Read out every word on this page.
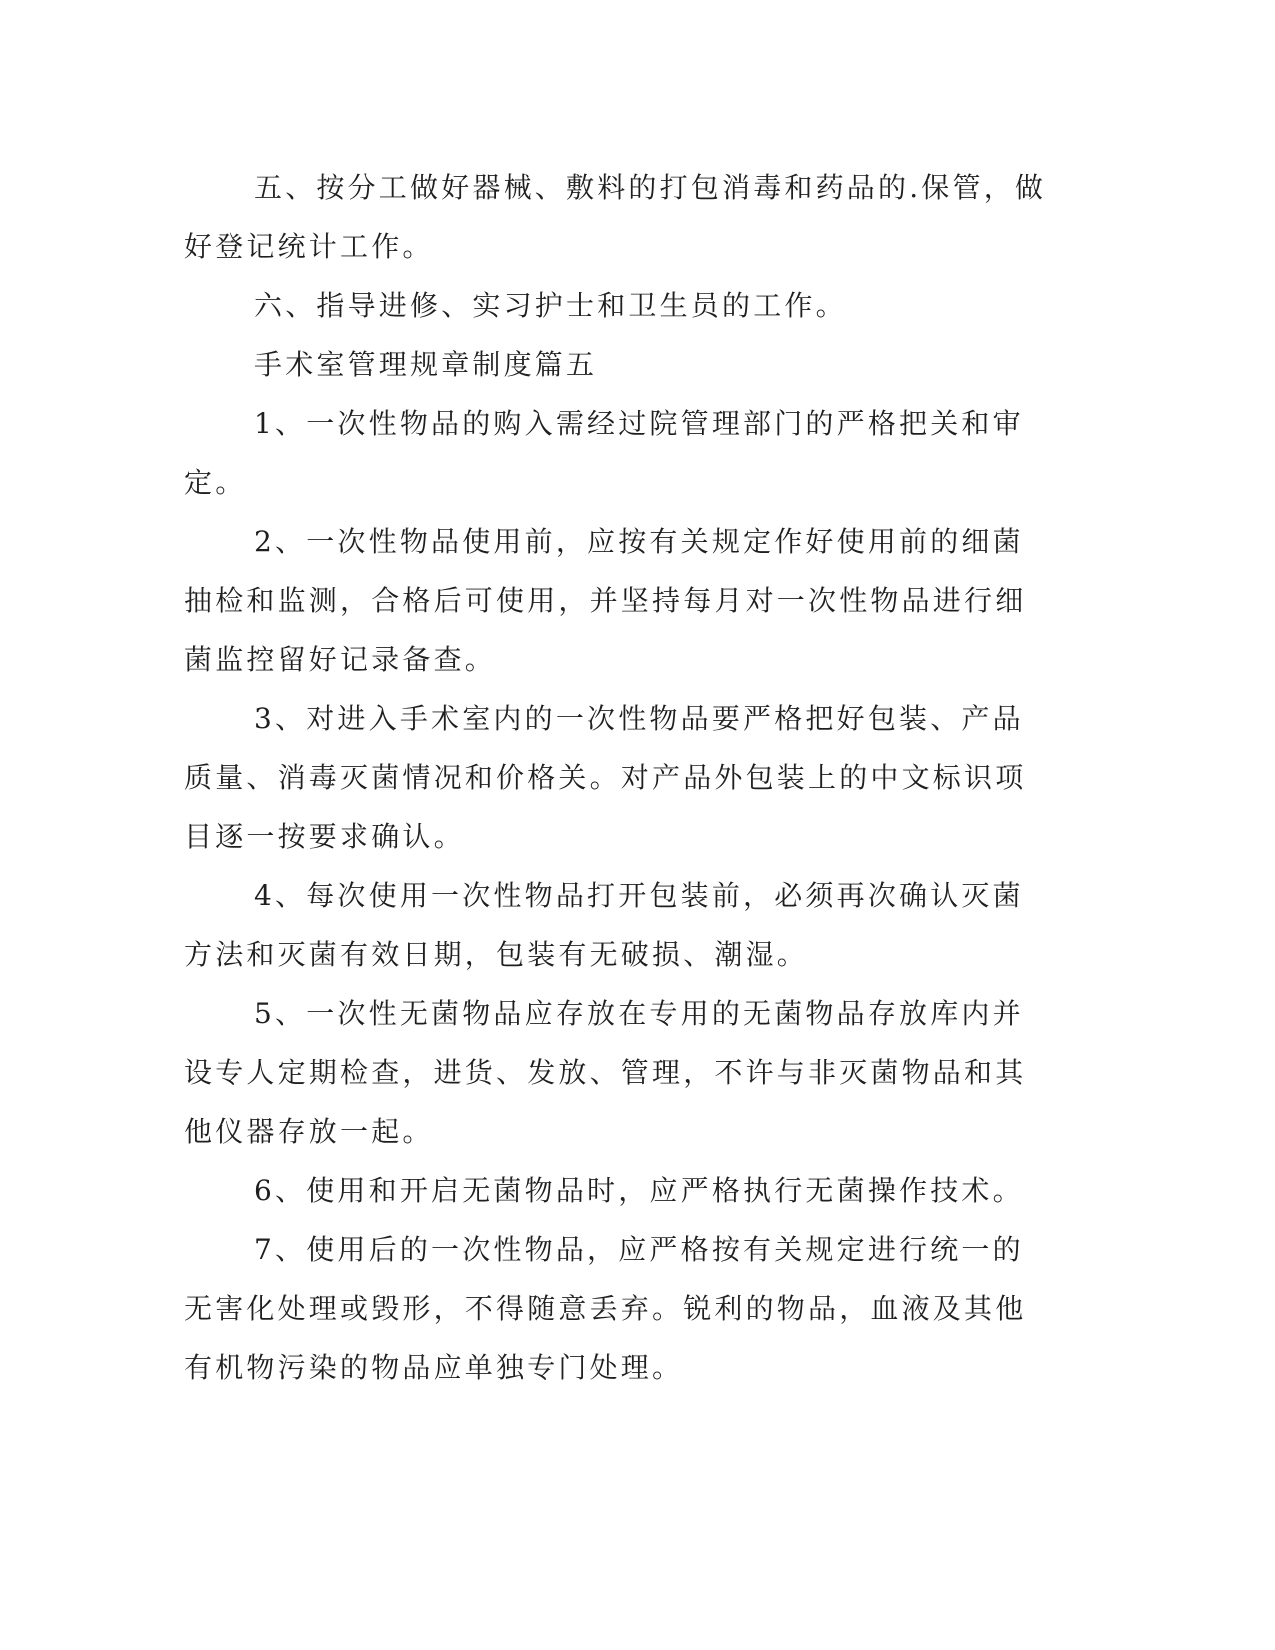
五、按分工做好器械、敷料的打包消毒和药品的.保管，做好登记统计工作。

六、指导进修、实习护士和卫生员的工作。

手术室管理规章制度篇五

1、一次性物品的购入需经过院管理部门的严格把关和审定。

2、一次性物品使用前，应按有关规定作好使用前的细菌抽检和监测，合格后可使用，并坚持每月对一次性物品进行细菌监控留好记录备查。

3、对进入手术室内的一次性物品要严格把好包装、产品质量、消毒灭菌情况和价格关。对产品外包装上的中文标识项目逐一按要求确认。

4、每次使用一次性物品打开包装前，必须再次确认灭菌方法和灭菌有效日期，包装有无破损、潮湿。

5、一次性无菌物品应存放在专用的无菌物品存放库内并设专人定期检查，进货、发放、管理，不许与非灭菌物品和其他仪器存放一起。

6、使用和开启无菌物品时，应严格执行无菌操作技术。

7、使用后的一次性物品，应严格按有关规定进行统一的无害化处理或毁形，不得随意丢弃。锐利的物品，血液及其他有机物污染的物品应单独专门处理。
